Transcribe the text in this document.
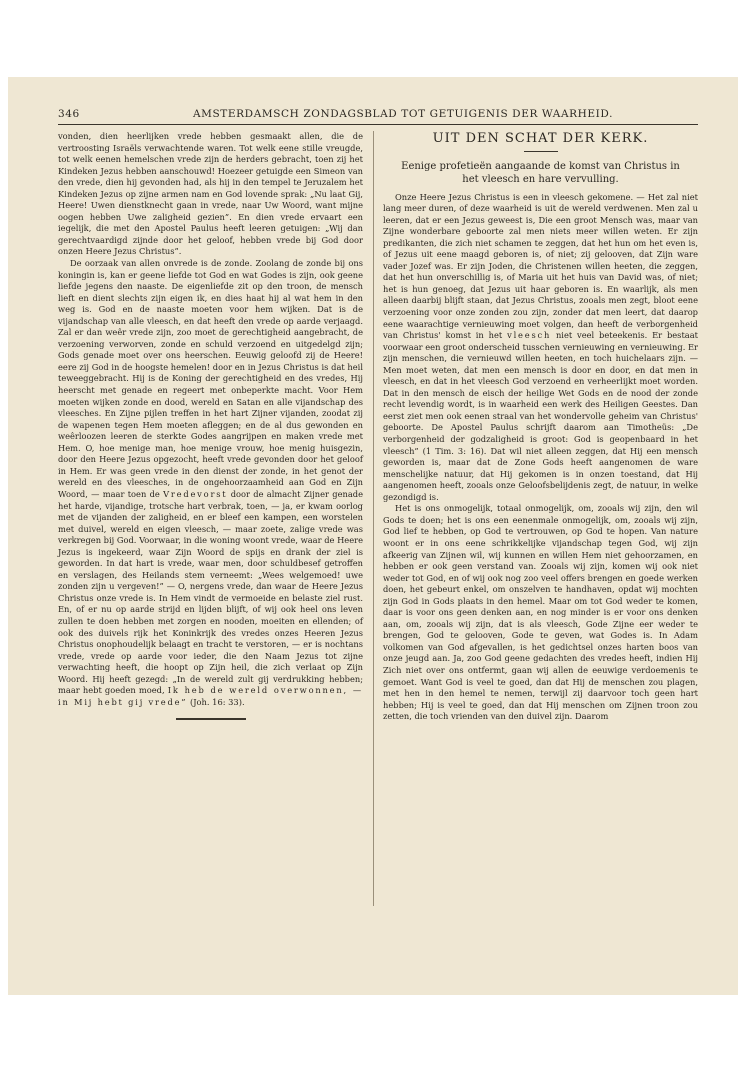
346	AMSTERDAMSCH ZONDAGSBLAD TOT GETUIGENIS DER WAARHEID.

vonden, dien heerlijken vrede hebben gesmaakt allen, die de vertroosting Israëls verwachtende waren. Tot welk eene stille vreugde, tot welk eenen hemelschen vrede zijn de herders gebracht, toen zij het Kindeken Jezus hebben aanschouwd! Hoezeer getuigde een Simeon van den vrede, dien hij gevonden had, als hij in den tempel te Jeruzalem het Kindeken Jezus op zijne armen nam en God lovende sprak: „Nu laat Gij, Heere! Uwen dienstknecht gaan in vrede, naar Uw Woord, want mijne oogen hebben Uwe zaligheid gezien”. En dien vrede ervaart een iegelijk, die met den Apostel Paulus heeft leeren getuigen: „Wij dan gerechtvaardigd zijnde door het geloof, hebben vrede bij God door onzen Heere Jezus Christus”.

De oorzaak van allen onvrede is de zonde. Zoolang de zonde bij ons koningin is, kan er geene liefde tot God en wat Godes is zijn, ook geene liefde jegens den naaste. De eigenliefde zit op den troon, de mensch lieft en dient slechts zijn eigen ik, en dies haat hij al wat hem in den weg is. God en de naaste moeten voor hem wijken. Dat is de vijandschap van alle vleesch, en dat heeft den vrede op aarde verjaagd. Zal er dan weêr vrede zijn, zoo moet de gerechtigheid aangebracht, de verzoening verworven, zonde en schuld verzoend en uitgedelgd zijn; Gods genade moet over ons heerschen. Eeuwig geloofd zij de Heere! eere zij God in de hoogste hemelen! door en in Jezus Christus is dat heil teweeggebracht. Hij is de Koning der gerechtigheid en des vredes, Hij heerscht met genade en regeert met onbeperkte macht. Voor Hem moeten wijken zonde en dood, wereld en Satan en alle vijandschap des vleesches. En Zijne pijlen treffen in het hart Zijner vijanden, zoodat zij de wapenen tegen Hem moeten afleggen; en de al dus gewonden en weêrloozen leeren de sterkte Godes aangrijpen en maken vrede met Hem. O, hoe menige man, hoe menige vrouw, hoe menig huisgezin, door den Heere Jezus opgezocht, heeft vrede gevonden door het geloof in Hem. Er was geen vrede in den dienst der zonde, in het genot der wereld en des vleesches, in de ongehoorzaamheid aan God en Zijn Woord, — maar toen de Vredevorst door de almacht Zijner genade het harde, vijandige, trotsche hart verbrak, toen, — ja, er kwam oorlog met de vijanden der zaligheid, en er bleef een kampen, een worstelen met duivel, wereld en eigen vleesch, — maar zoete, zalige vrede was verkregen bij God. Voorwaar, in die woning woont vrede, waar de Heere Jezus is ingekeerd, waar Zijn Woord de spijs en drank der ziel is geworden. In dat hart is vrede, waar men, door schuldbesef getroffen en verslagen, des Heilands stem verneemt: „Wees welgemoed! uwe zonden zijn u vergeven!” — O, nergens vrede, dan waar de Heere Jezus Christus onze vrede is. In Hem vindt de vermoeide en belaste ziel rust. En, of er nu op aarde strijd en lijden blijft, of wij ook heel ons leven zullen te doen hebben met zorgen en nooden, moeiten en ellenden; of ook des duivels rijk het Koninkrijk des vredes onzes Heeren Jezus Christus onophoudelijk belaagt en tracht te verstoren, — er is nochtans vrede, vrede op aarde voor ieder, die den Naam Jezus tot zijne verwachting heeft, die hoopt op Zijn heil, die zich verlaat op Zijn Woord. Hij heeft gezegd: „In de wereld zult gij verdrukking hebben; maar hebt goeden moed, Ik heb de wereld overwonnen, — in Mij hebt gij vrede” (Joh. 16: 33).

UIT DEN SCHAT DER KERK.
Eenige profetieën aangaande de komst van Christus in het vleesch en hare vervulling.

Onze Heere Jezus Christus is een in vleesch gekomene. — Het zal niet lang meer duren, of deze waarheid is uit de wereld verdwenen. Men zal u leeren, dat er een Jezus geweest is, Die een groot Mensch was, maar van Zijne wonderbare geboorte zal men niets meer willen weten. Er zijn predikanten, die zich niet schamen te zeggen, dat het hun om het even is, of Jezus uit eene maagd geboren is, of niet; zij gelooven, dat Zijn ware vader Jozef was. Er zijn Joden, die Christenen willen heeten, die zeggen, dat het hun onverschillig is, of Maria uit het huis van David was, of niet; het is hun genoeg, dat Jezus uit haar geboren is. En waarlijk, als men alleen daarbij blijft staan, dat Jezus Christus, zooals men zegt, bloot eene verzoening voor onze zonden zou zijn, zonder dat men leert, dat daarop eene waarachtige vernieuwing moet volgen, dan heeft de verborgenheid van Christus' komst in het vleesch niet veel beteekenis. Er bestaat voorwaar een groot onderscheid tusschen vernieuwing en vernieuwing. Er zijn menschen, die vernieuwd willen heeten, en toch huichelaars zijn. — Men moet weten, dat men een mensch is door en door, en dat men in vleesch, en dat in het vleesch God verzoend en verheerlijkt moet worden. Dat in den mensch de eisch der heilige Wet Gods en de nood der zonde recht levendig wordt, is in waarheid een werk des Heiligen Geestes. Dan eerst ziet men ook eenen straal van het wondervolle geheim van Christus' geboorte. De Apostel Paulus schrijft daarom aan Timotheüs: „De verborgenheid der godzaligheid is groot: God is geopenbaard in het vleesch” (1 Tim. 3: 16). Dat wil niet alleen zeggen, dat Hij een mensch geworden is, maar dat de Zone Gods heeft aangenomen de ware menschelijke natuur, dat Hij gekomen is in onzen toestand, dat Hij aangenomen heeft, zooals onze Geloofsbelijdenis zegt, de natuur, in welke gezondigd is.

Het is ons onmogelijk, totaal onmogelijk, om, zooals wij zijn, den wil Gods te doen; het is ons een eenenmale onmogelijk, om, zooals wij zijn, God lief te hebben, op God te vertrouwen, op God te hopen. Van nature woont er in ons eene schrikkelijke vijandschap tegen God, wij zijn afkeerig van Zijnen wil, wij kunnen en willen Hem niet gehoorzamen, en hebben er ook geen verstand van. Zooals wij zijn, komen wij ook niet weder tot God, en of wij ook nog zoo veel offers brengen en goede werken doen, het gebeurt enkel, om onszelven te handhaven, opdat wij mochten zijn God in Gods plaats in den hemel. Maar om tot God weder te komen, daar is voor ons geen denken aan, en nog minder is er voor ons denken aan, om, zooals wij zijn, dat is als vleesch, Gode Zijne eer weder te brengen, God te gelooven, Gode te geven, wat Godes is. In Adam volkomen van God afgevallen, is het gedichtsel onzes harten boos van onze jeugd aan. Ja, zoo God geene gedachten des vredes heeft, indien Hij Zich niet over ons ontfermt, gaan wij allen de eeuwige verdoemenis te gemoet. Want God is veel te goed, dan dat Hij de menschen zou plagen, met hen in den hemel te nemen, terwijl zij daarvoor toch geen hart hebben; Hij is veel te goed, dan dat Hij menschen om Zijnen troon zou zetten, die toch vrienden van den duivel zijn. Daarom
